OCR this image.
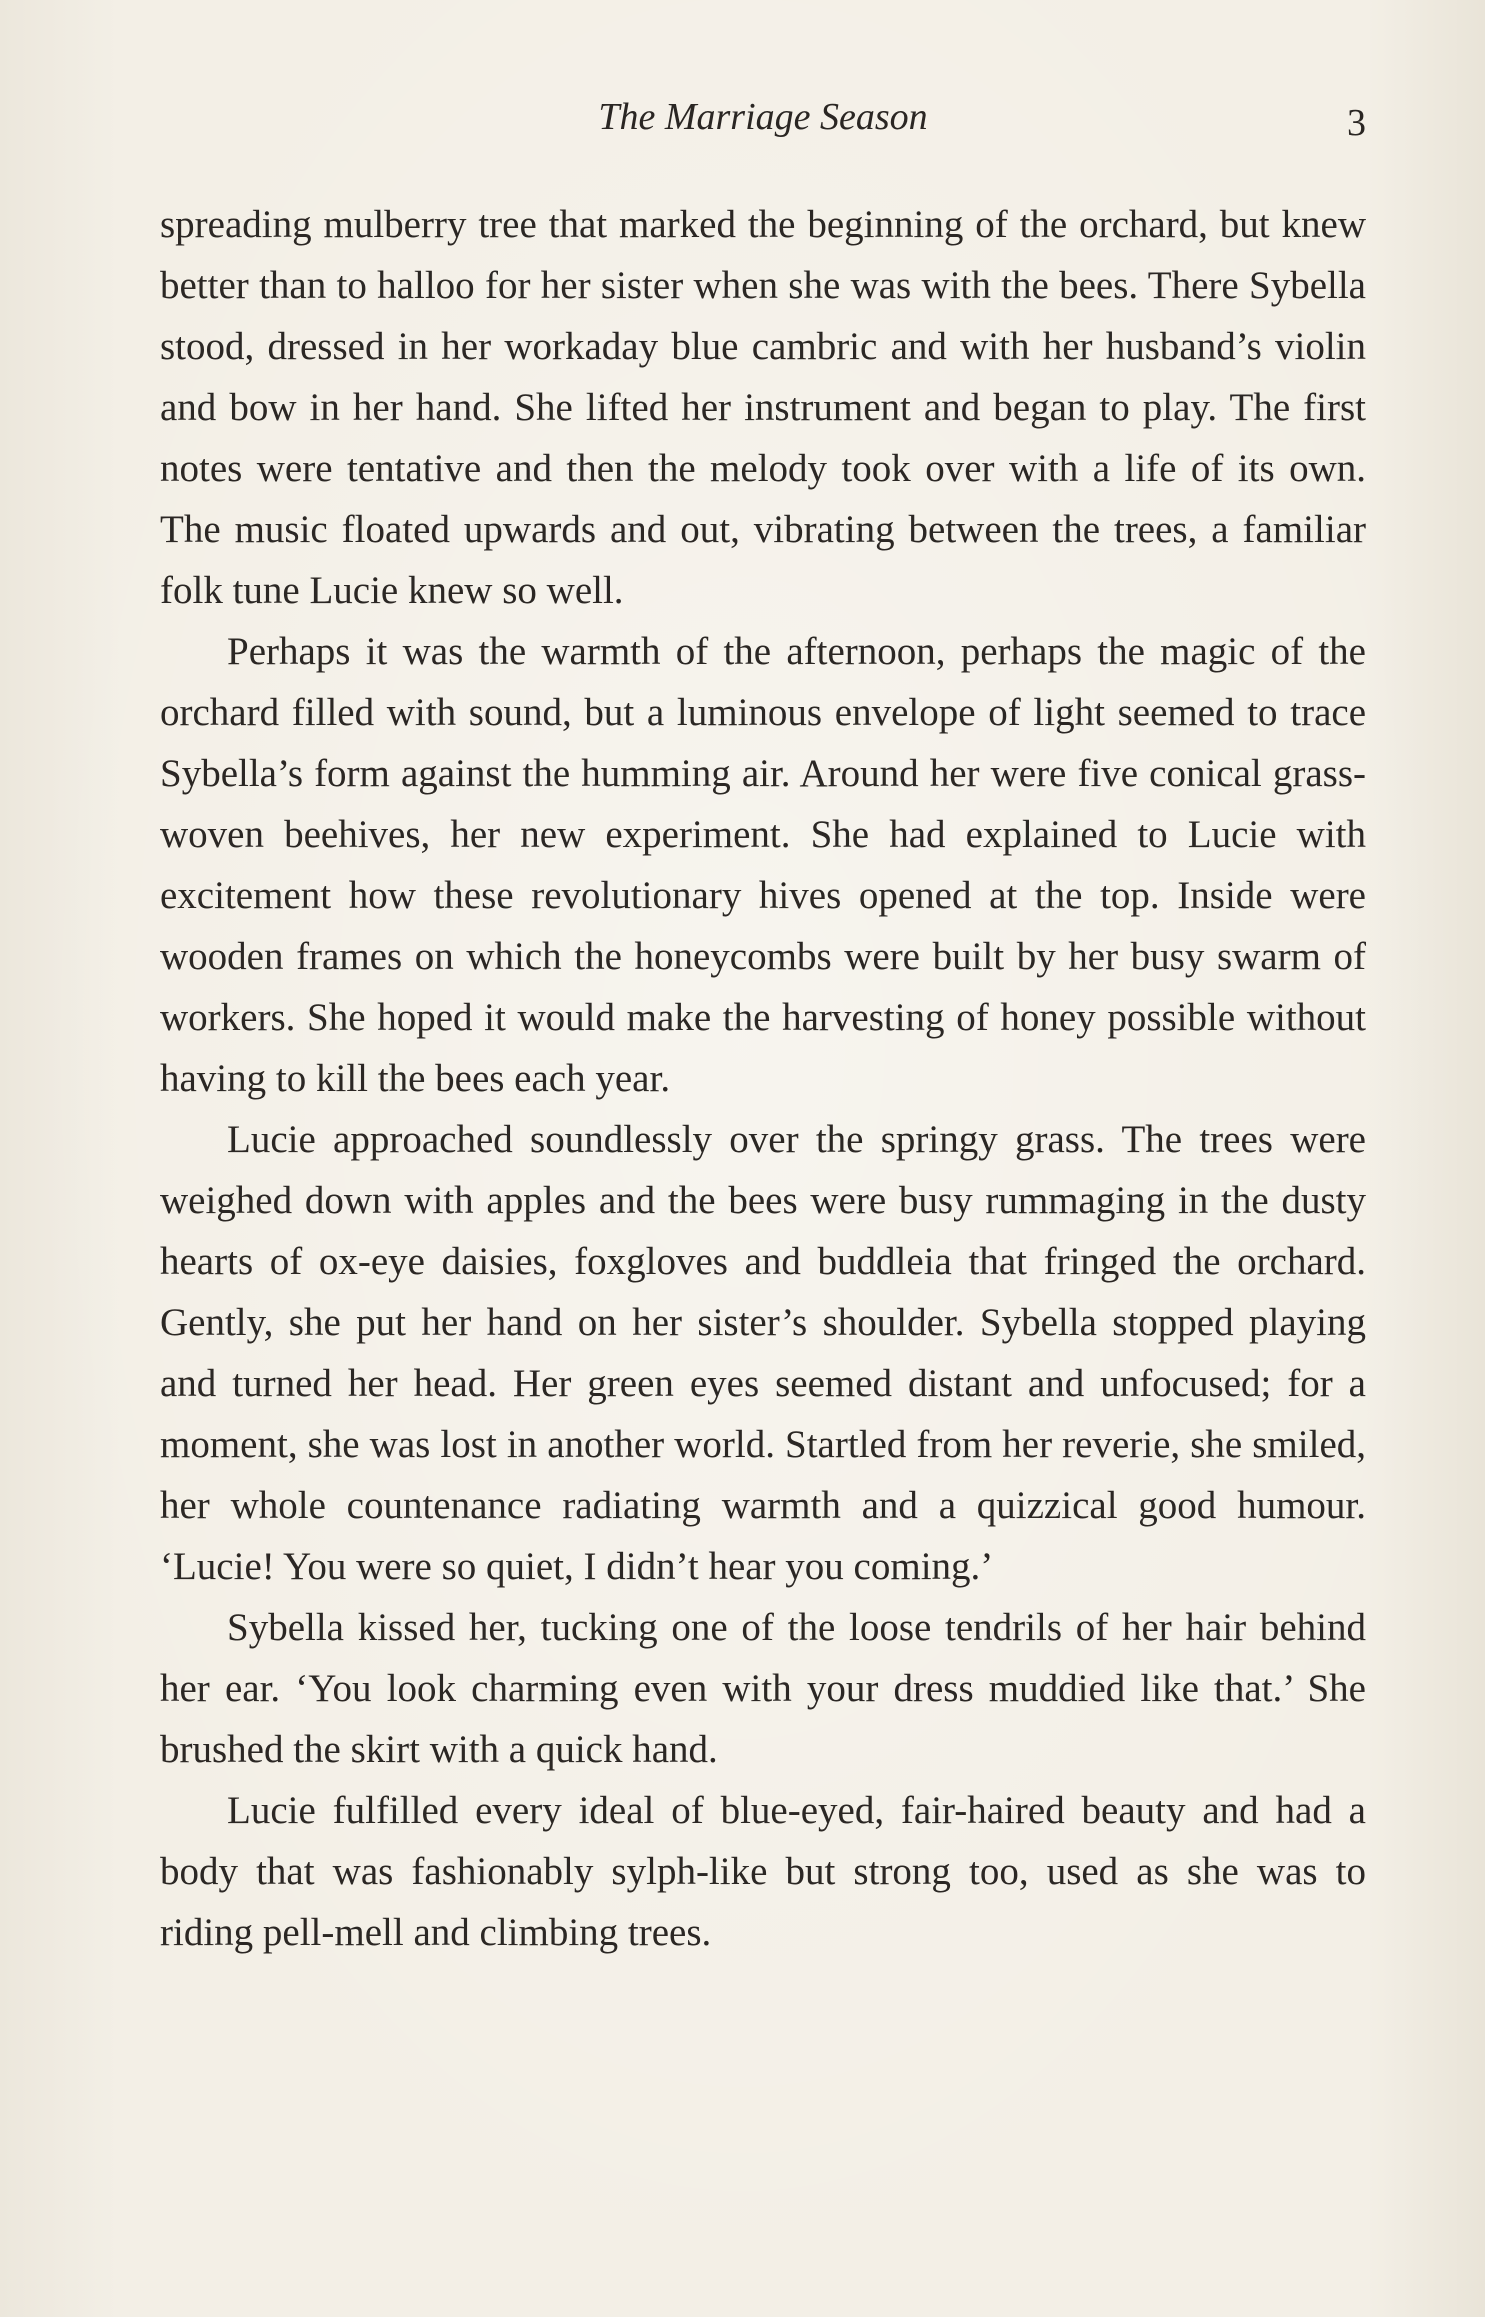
The Marriage Season	3

spreading mulberry tree that marked the beginning of the orchard, but knew better than to halloo for her sister when she was with the bees. There Sybella stood, dressed in her workaday blue cambric and with her husband’s violin and bow in her hand. She lifted her instrument and began to play. The first notes were tentative and then the melody took over with a life of its own. The music floated upwards and out, vibrating between the trees, a familiar folk tune Lucie knew so well.

Perhaps it was the warmth of the afternoon, perhaps the magic of the orchard filled with sound, but a luminous envelope of light seemed to trace Sybella’s form against the humming air. Around her were five conical grass-woven beehives, her new experiment. She had explained to Lucie with excitement how these revolutionary hives opened at the top. Inside were wooden frames on which the honeycombs were built by her busy swarm of workers. She hoped it would make the harvesting of honey possible without having to kill the bees each year.

Lucie approached soundlessly over the springy grass. The trees were weighed down with apples and the bees were busy rummaging in the dusty hearts of ox-eye daisies, foxgloves and buddleia that fringed the orchard. Gently, she put her hand on her sister’s shoulder. Sybella stopped playing and turned her head. Her green eyes seemed distant and unfocused; for a moment, she was lost in another world. Startled from her reverie, she smiled, her whole countenance radiating warmth and a quizzical good humour. ‘Lucie! You were so quiet, I didn’t hear you coming.’

Sybella kissed her, tucking one of the loose tendrils of her hair behind her ear. ‘You look charming even with your dress muddied like that.’ She brushed the skirt with a quick hand.

Lucie fulfilled every ideal of blue-eyed, fair-haired beauty and had a body that was fashionably sylph-like but strong too, used as she was to riding pell-mell and climbing trees.
